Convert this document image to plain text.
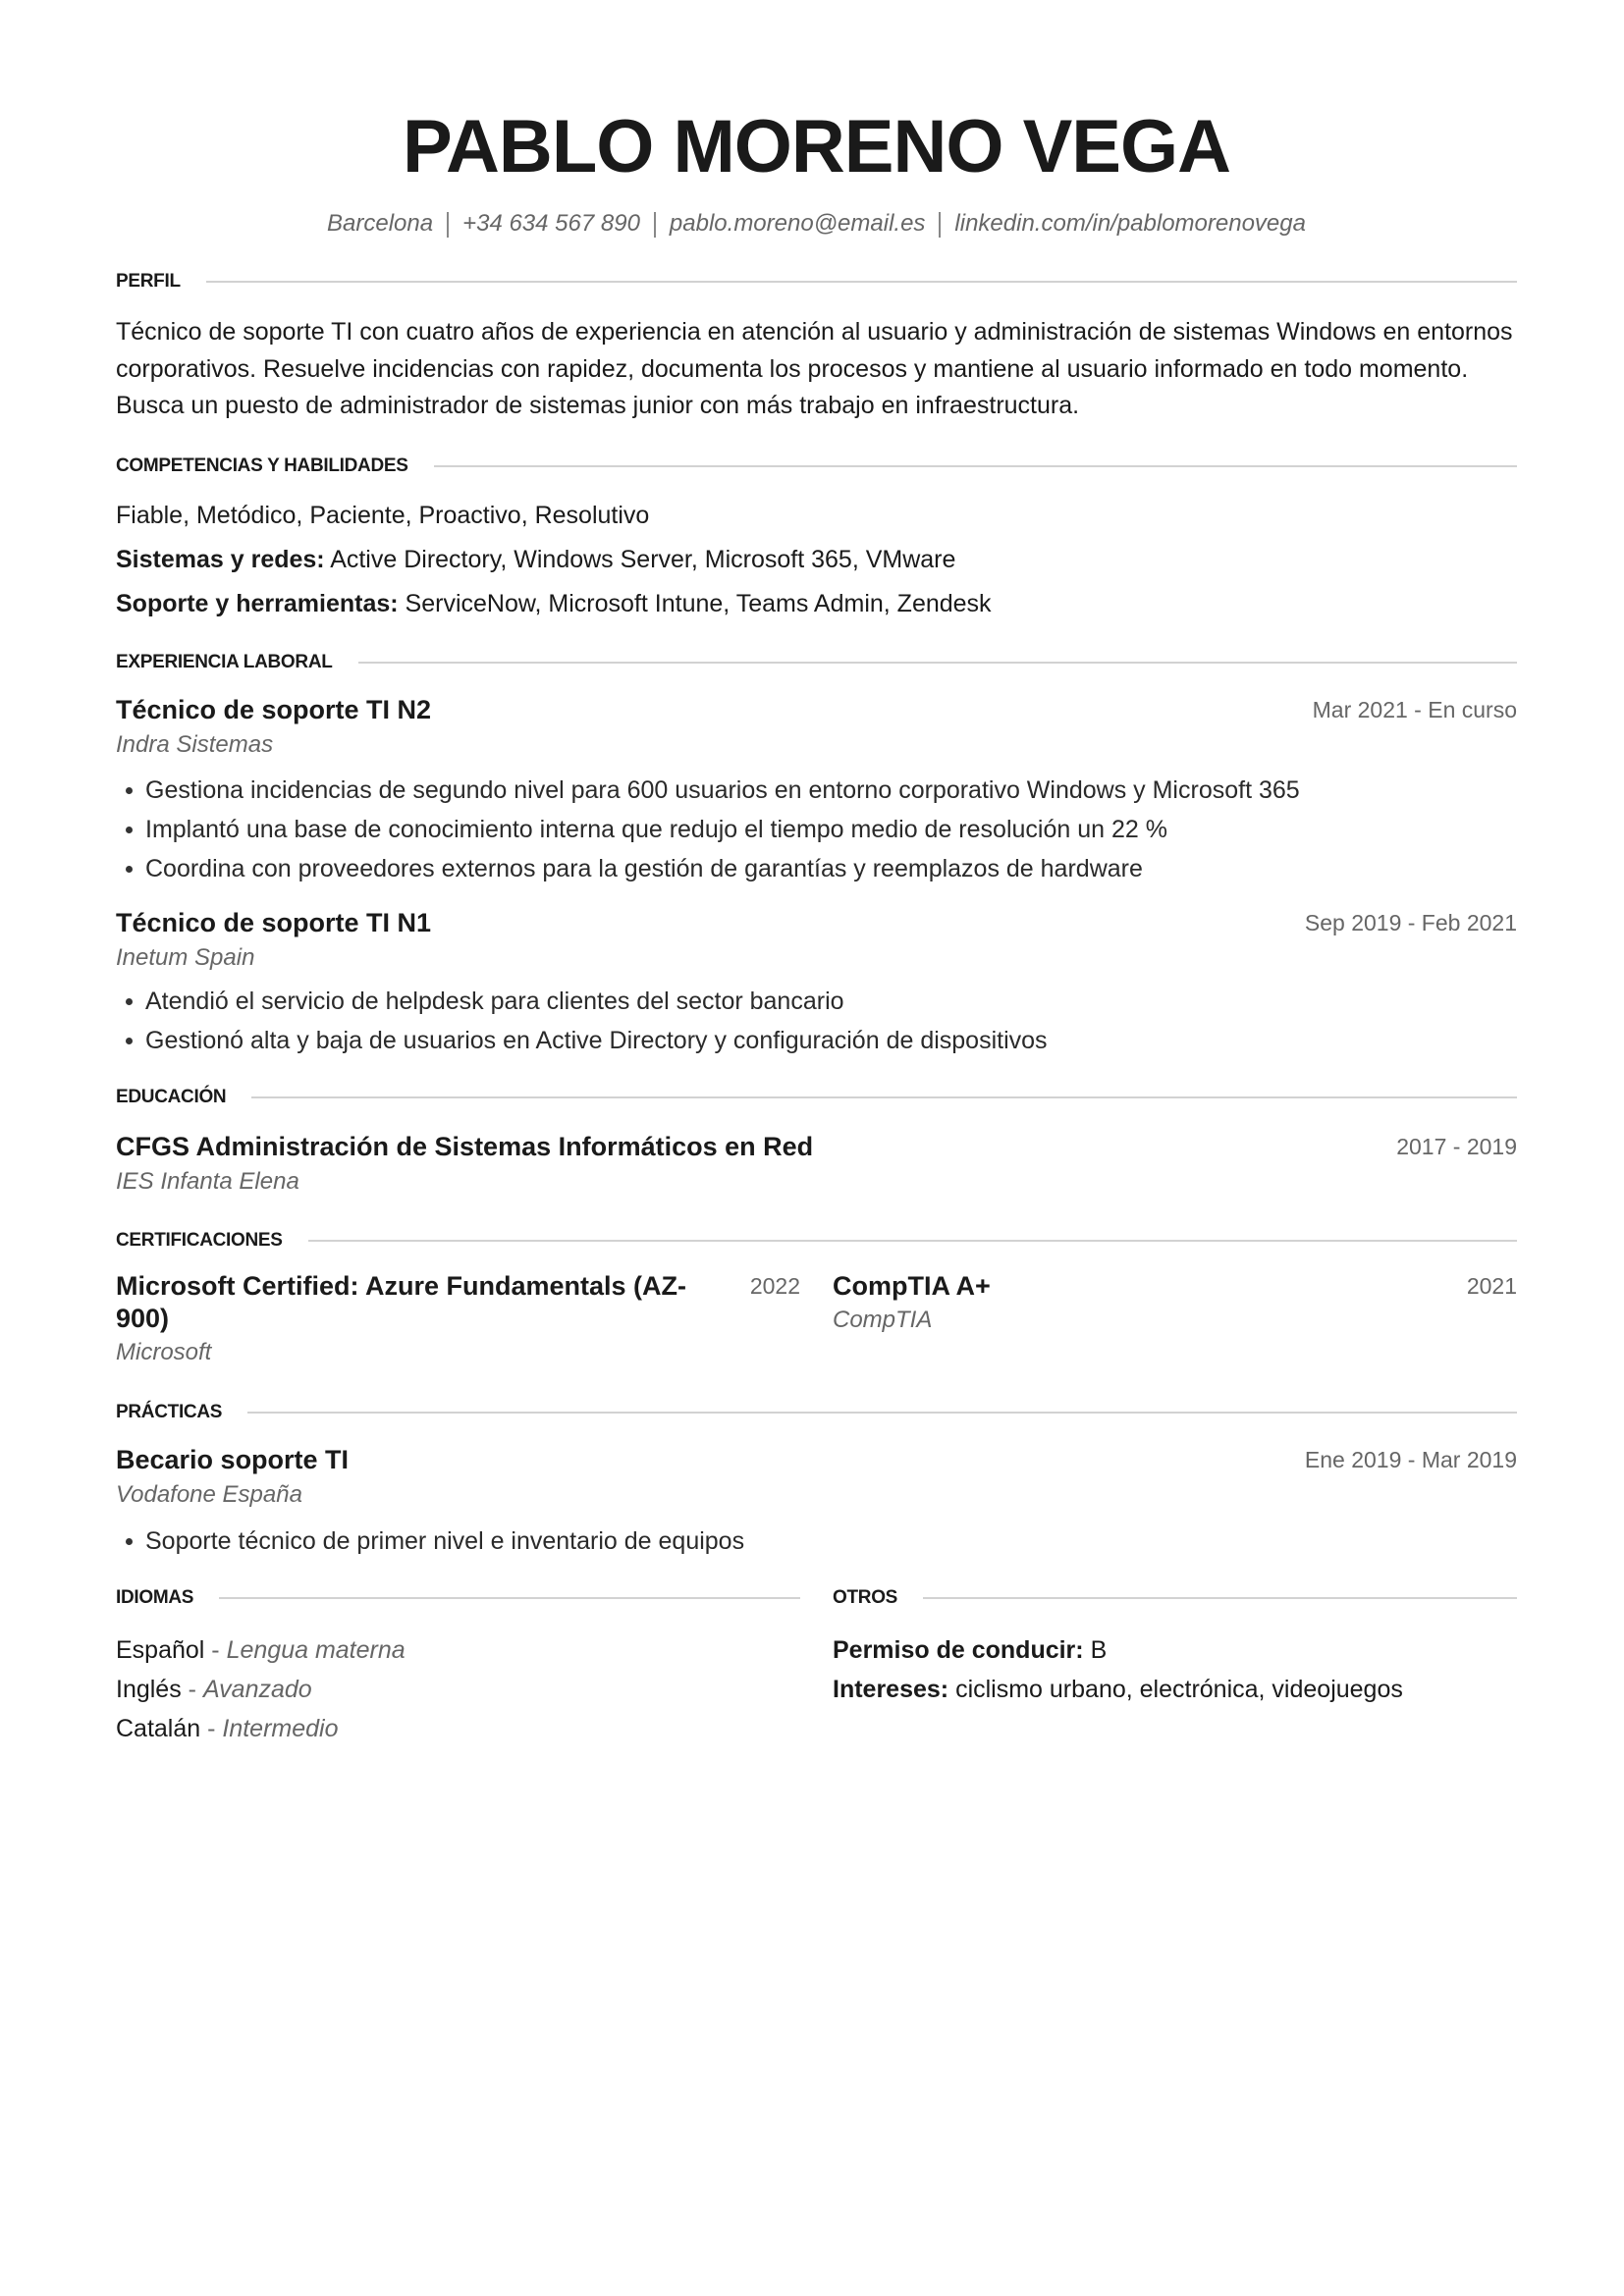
PABLO MORENO VEGA
Barcelona +34 634 567 890 pablo.moreno@email.es linkedin.com/in/pablomorenovega
PERFIL
Técnico de soporte TI con cuatro años de experiencia en atención al usuario y administración de sistemas Windows en entornos corporativos. Resuelve incidencias con rapidez, documenta los procesos y mantiene al usuario informado en todo momento. Busca un puesto de administrador de sistemas junior con más trabajo en infraestructura.
COMPETENCIAS Y HABILIDADES
Fiable, Metódico, Paciente, Proactivo, Resolutivo
Sistemas y redes: Active Directory, Windows Server, Microsoft 365, VMware
Soporte y herramientas: ServiceNow, Microsoft Intune, Teams Admin, Zendesk
EXPERIENCIA LABORAL
Técnico de soporte TI N2	Mar 2021 - En curso
Indra Sistemas
Gestiona incidencias de segundo nivel para 600 usuarios en entorno corporativo Windows y Microsoft 365
Implantó una base de conocimiento interna que redujo el tiempo medio de resolución un 22 %
Coordina con proveedores externos para la gestión de garantías y reemplazos de hardware
Técnico de soporte TI N1	Sep 2019 - Feb 2021
Inetum Spain
Atendió el servicio de helpdesk para clientes del sector bancario
Gestionó alta y baja de usuarios en Active Directory y configuración de dispositivos
EDUCACIÓN
CFGS Administración de Sistemas Informáticos en Red	2017 - 2019
IES Infanta Elena
CERTIFICACIONES
Microsoft Certified: Azure Fundamentals (AZ-900)
2022
Microsoft
CompTIA A+	2021
CompTIA
PRÁCTICAS
Becario soporte TI	Ene 2019 - Mar 2019
Vodafone España
Soporte técnico de primer nivel e inventario de equipos
IDIOMAS
Español - Lengua materna
Inglés - Avanzado
Catalán - Intermedio
OTROS
Permiso de conducir: B
Intereses: ciclismo urbano, electrónica, videojuegos
